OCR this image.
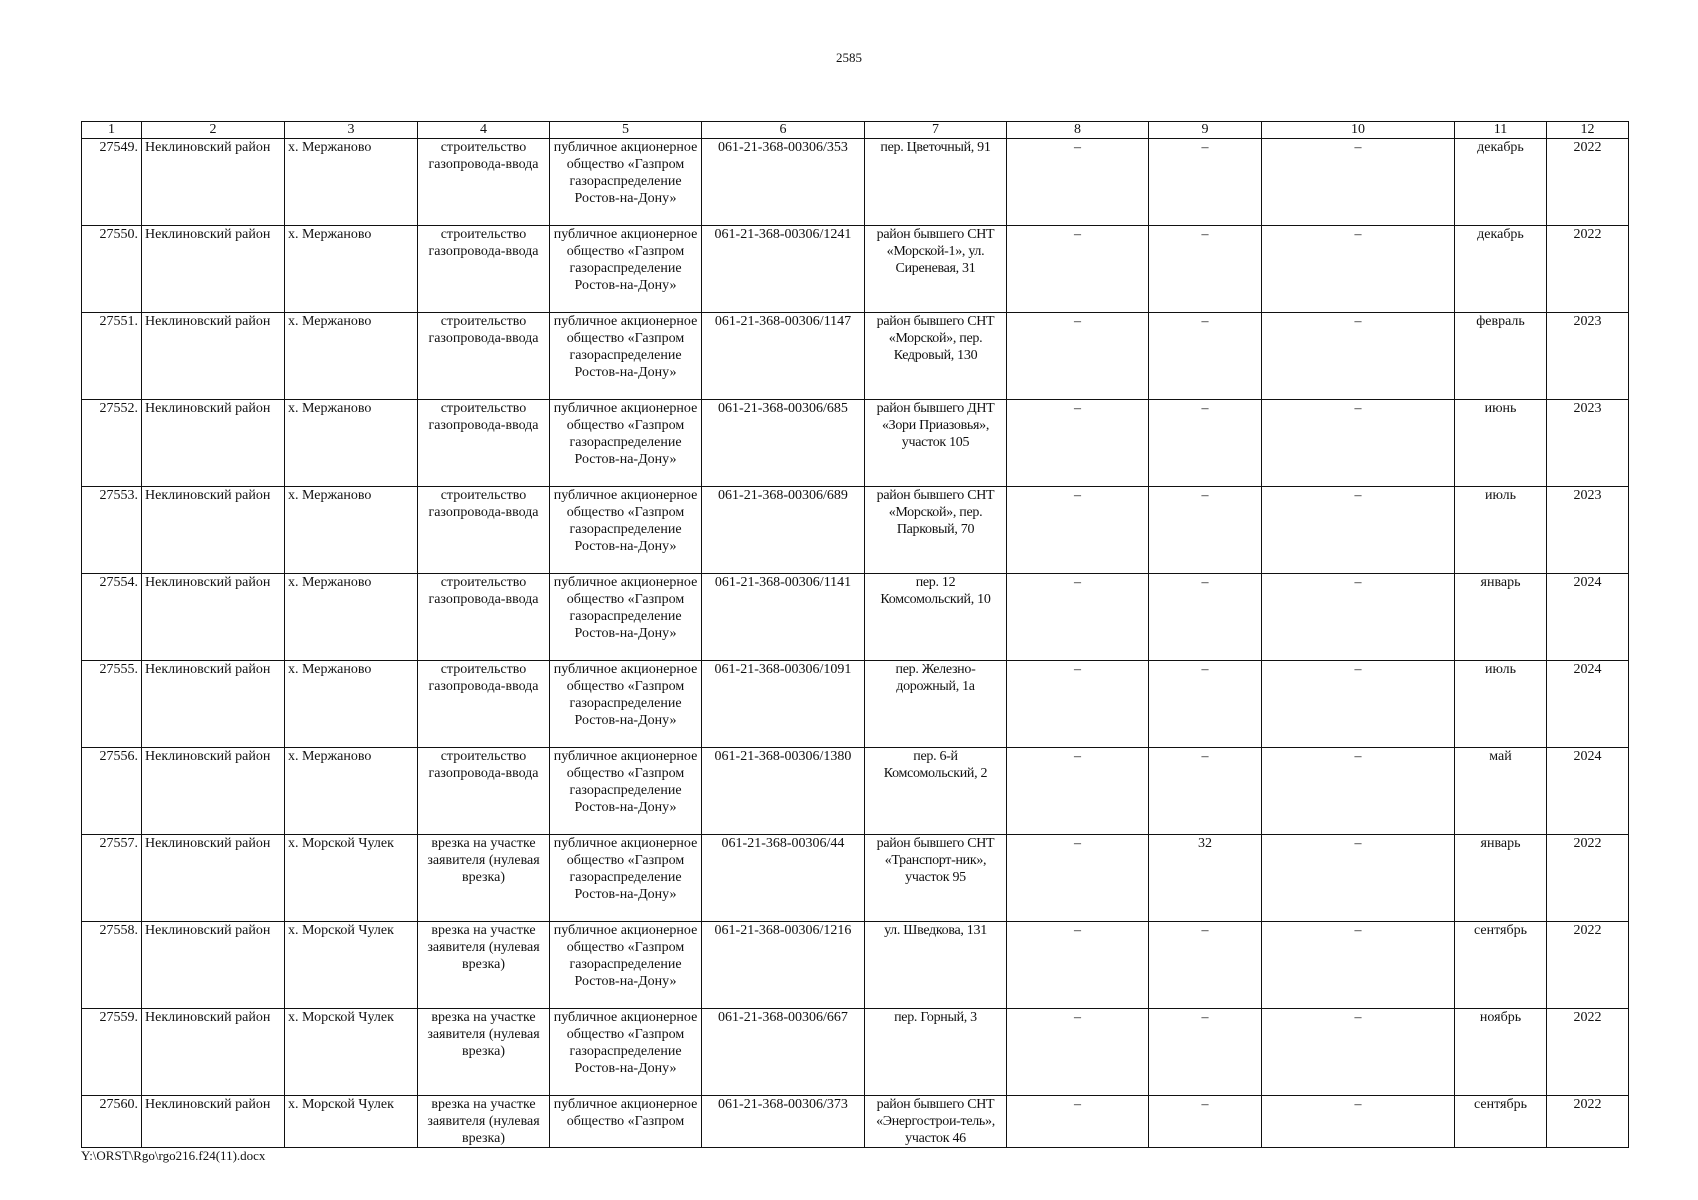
2585
1	2	3	4	5	6	7	8	9	10	11	12
27549.	Неклиновский район	х. Мержаново	строительство газопровода-ввода	публичное акционерное общество «Газпром газораспределение Ростов-на-Дону»	061-21-368-00306/353	пер. Цветочный, 91	–	–	–	декабрь	2022
27550.	Неклиновский район	х. Мержаново	строительство газопровода-ввода	публичное акционерное общество «Газпром газораспределение Ростов-на-Дону»	061-21-368-00306/1241	район бывшего СНТ «Морской-1», ул. Сиреневая, 31	–	–	–	декабрь	2022
27551.	Неклиновский район	х. Мержаново	строительство газопровода-ввода	публичное акционерное общество «Газпром газораспределение Ростов-на-Дону»	061-21-368-00306/1147	район бывшего СНТ «Морской», пер. Кедровый, 130	–	–	–	февраль	2023
27552.	Неклиновский район	х. Мержаново	строительство газопровода-ввода	публичное акционерное общество «Газпром газораспределение Ростов-на-Дону»	061-21-368-00306/685	район бывшего ДНТ «Зори Приазовья», участок 105	–	–	–	июнь	2023
27553.	Неклиновский район	х. Мержаново	строительство газопровода-ввода	публичное акционерное общество «Газпром газораспределение Ростов-на-Дону»	061-21-368-00306/689	район бывшего СНТ «Морской», пер. Парковый, 70	–	–	–	июль	2023
27554.	Неклиновский район	х. Мержаново	строительство газопровода-ввода	публичное акционерное общество «Газпром газораспределение Ростов-на-Дону»	061-21-368-00306/1141	пер. 12 Комсомольский, 10	–	–	–	январь	2024
27555.	Неклиновский район	х. Мержаново	строительство газопровода-ввода	публичное акционерное общество «Газпром газораспределение Ростов-на-Дону»	061-21-368-00306/1091	пер. Железно-дорожный, 1а	–	–	–	июль	2024
27556.	Неклиновский район	х. Мержаново	строительство газопровода-ввода	публичное акционерное общество «Газпром газораспределение Ростов-на-Дону»	061-21-368-00306/1380	пер. 6-й Комсомольский, 2	–	–	–	май	2024
27557.	Неклиновский район	х. Морской Чулек	врезка на участке заявителя (нулевая врезка)	публичное акционерное общество «Газпром газораспределение Ростов-на-Дону»	061-21-368-00306/44	район бывшего СНТ «Транспорт-ник», участок 95	–	32	–	январь	2022
27558.	Неклиновский район	х. Морской Чулек	врезка на участке заявителя (нулевая врезка)	публичное акционерное общество «Газпром газораспределение Ростов-на-Дону»	061-21-368-00306/1216	ул. Шведкова, 131	–	–	–	сентябрь	2022
27559.	Неклиновский район	х. Морской Чулек	врезка на участке заявителя (нулевая врезка)	публичное акционерное общество «Газпром газораспределение Ростов-на-Дону»	061-21-368-00306/667	пер. Горный, 3	–	–	–	ноябрь	2022
27560.	Неклиновский район	х. Морской Чулек	врезка на участке заявителя (нулевая врезка)	публичное акционерное общество «Газпром	061-21-368-00306/373	район бывшего СНТ «Энергострои-тель», участок 46	–	–	–	сентябрь	2022
Y:\ORST\Rgo\rgo216.f24(11).docx
